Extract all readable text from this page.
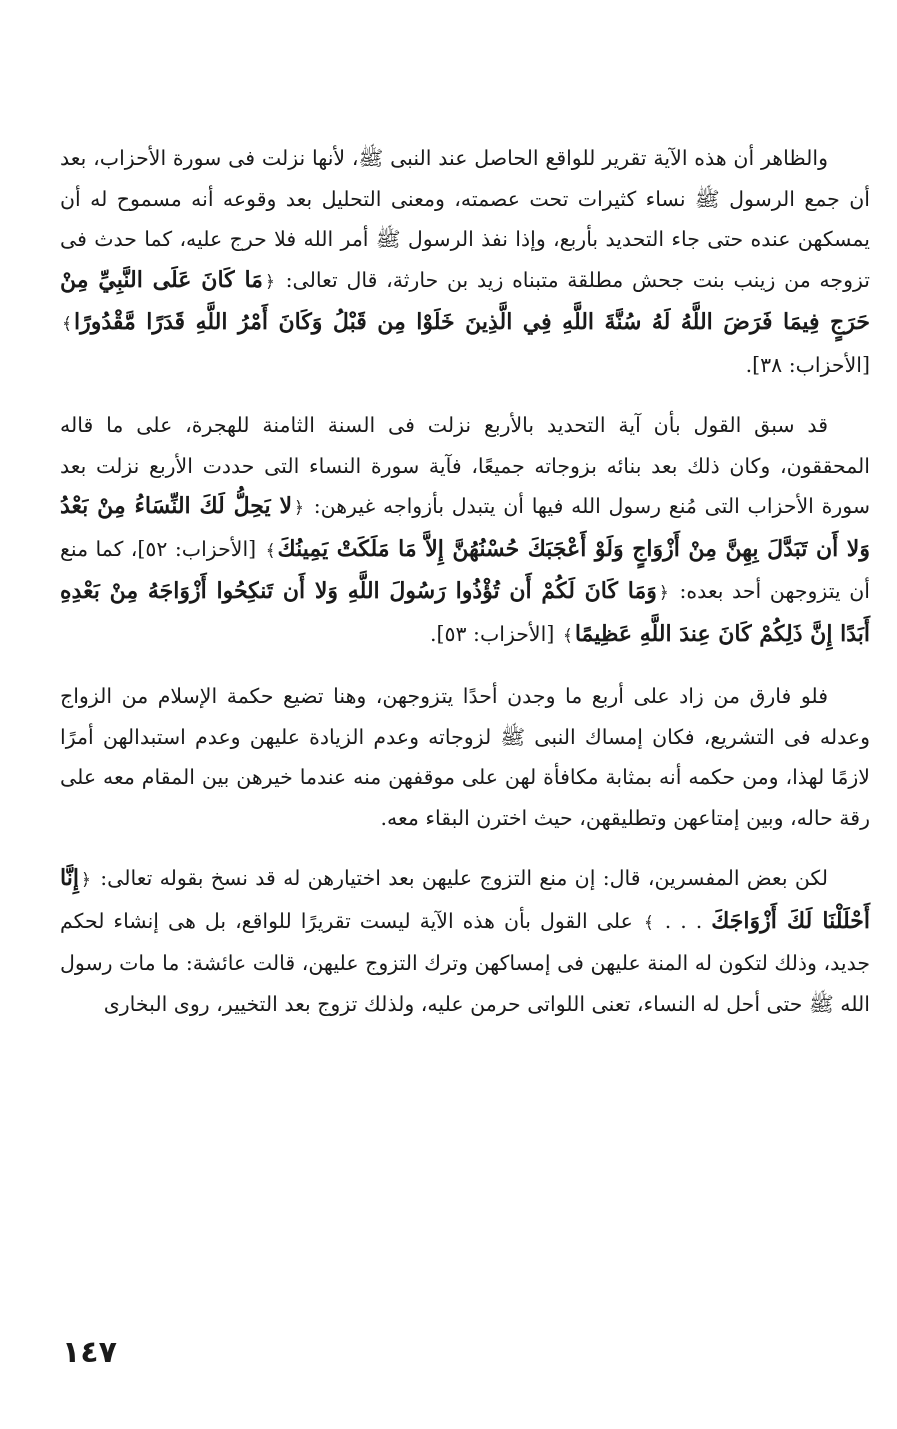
والظاهر أن هذه الآية تقرير للواقع الحاصل عند النبى ﷺ، لأنها نزلت فى سورة الأحزاب، بعد أن جمع الرسول ﷺ نساء كثيرات تحت عصمته، ومعنى التحليل بعد وقوعه أنه مسموح له أن يمسكهن عنده حتى جاء التحديد بأربع، وإذا نفذ الرسول ﷺ أمر الله فلا حرج عليه، كما حدث فى تزوجه من زينب بنت جحش مطلقة متبناه زيد بن حارثة، قال تعالى: ﴿مَا كَانَ عَلَى النَّبِيِّ مِنْ حَرَجٍ فِيمَا فَرَضَ اللَّهُ لَهُ سُنَّةَ اللَّهِ فِي الَّذِينَ خَلَوْا مِن قَبْلُ وَكَانَ أَمْرُ اللَّهِ قَدَرًا مَّقْدُورًا﴾ [الأحزاب: ٣٨].

قد سبق القول بأن آية التحديد بالأربع نزلت فى السنة الثامنة للهجرة، على ما قاله المحققون، وكان ذلك بعد بنائه بزوجاته جميعًا، فآية سورة النساء التى حددت الأربع نزلت بعد سورة الأحزاب التى مُنع رسول الله فيها أن يتبدل بأزواجه غيرهن: ﴿لا يَحِلُّ لَكَ النِّسَاءُ مِنْ بَعْدُ وَلا أَن تَبَدَّلَ بِهِنَّ مِنْ أَزْوَاجٍ وَلَوْ أَعْجَبَكَ حُسْنُهُنَّ إِلاَّ مَا مَلَكَتْ يَمِينُكَ﴾ [الأحزاب: ٥٢]، كما منع أن يتزوجهن أحد بعده: ﴿وَمَا كَانَ لَكُمْ أَن تُؤْذُوا رَسُولَ اللَّهِ وَلا أَن تَنكِحُوا أَزْوَاجَهُ مِنْ بَعْدِهِ أَبَدًا إِنَّ ذَلِكُمْ كَانَ عِندَ اللَّهِ عَظِيمًا﴾ [الأحزاب: ٥٣].

فلو فارق من زاد على أربع ما وجدن أحدًا يتزوجهن، وهنا تضيع حكمة الإسلام من الزواج وعدله فى التشريع، فكان إمساك النبى ﷺ لزوجاته وعدم الزيادة عليهن وعدم استبدالهن أمرًا لازمًا لهذا، ومن حكمه أنه بمثابة مكافأة لهن على موقفهن منه عندما خيرهن بين المقام معه على رقة حاله، وبين إمتاعهن وتطليقهن، حيث اخترن البقاء معه.

لكن بعض المفسرين، قال: إن منع التزوج عليهن بعد اختيارهن له قد نسخ بقوله تعالى: ﴿إِنَّا أَحْلَلْنَا لَكَ أَزْوَاجَكَ . . . ﴾ على القول بأن هذه الآية ليست تقريرًا للواقع، بل هى إنشاء لحكم جديد، وذلك لتكون له المنة عليهن فى إمساكهن وترك التزوج عليهن، قالت عائشة: ما مات رسول الله ﷺ حتى أحل له النساء، تعنى اللواتى حرمن عليه، ولذلك تزوج بعد التخيير، روى البخارى

١٤٧
